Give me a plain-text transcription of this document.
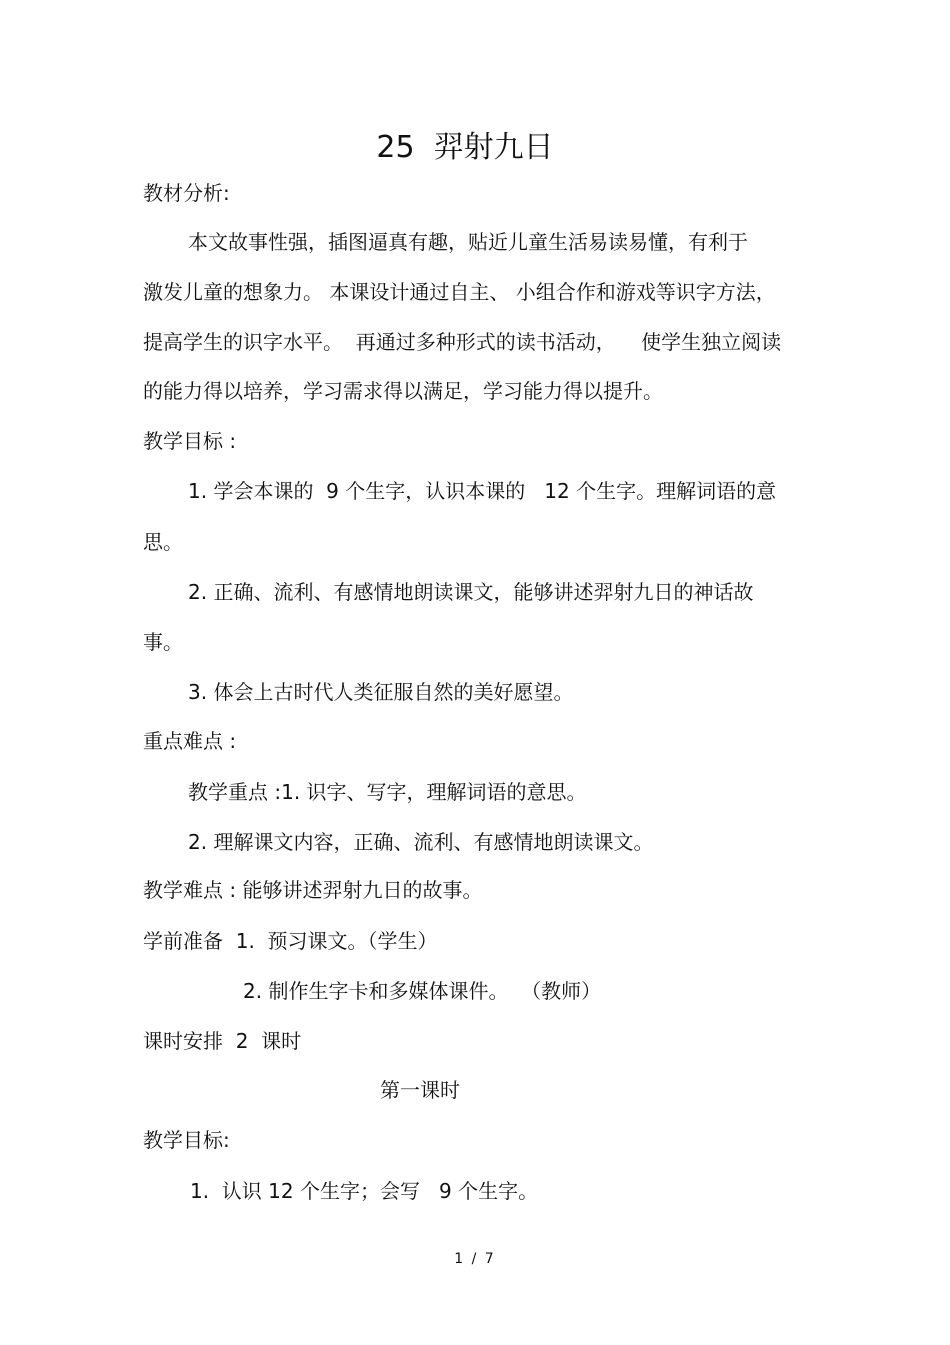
25  羿射九日
教材分析:
本文故事性强，插图逼真有趣，贴近儿童生活易读易懂，有利于
激发儿童的想象力。 本课设计通过自主、 小组合作和游戏等识字方法，
提高学生的识字水平。  再通过多种形式的读书活动，    使学生独立阅读
的能力得以培养，学习需求得以满足，学习能力得以提升。
教学目标 :
1. 学会本课的  9 个生字，认识本课的   12 个生字。理解词语的意
思。
2. 正确、流利、有感情地朗读课文，能够讲述羿射九日的神话故
事。
3. 体会上古时代人类征服自然的美好愿望。
重点难点 :
教学重点 :1. 识字、写字，理解词语的意思。
2. 理解课文内容，正确、流利、有感情地朗读课文。
教学难点 : 能够讲述羿射九日的故事。
学前准备  1.  预习课文。（学生）
2. 制作生字卡和多媒体课件。  （教师）
课时安排  2  课时
第一课时
教学目标:
1.  认识 12 个生字；会写   9 个生字。
1 / 7
